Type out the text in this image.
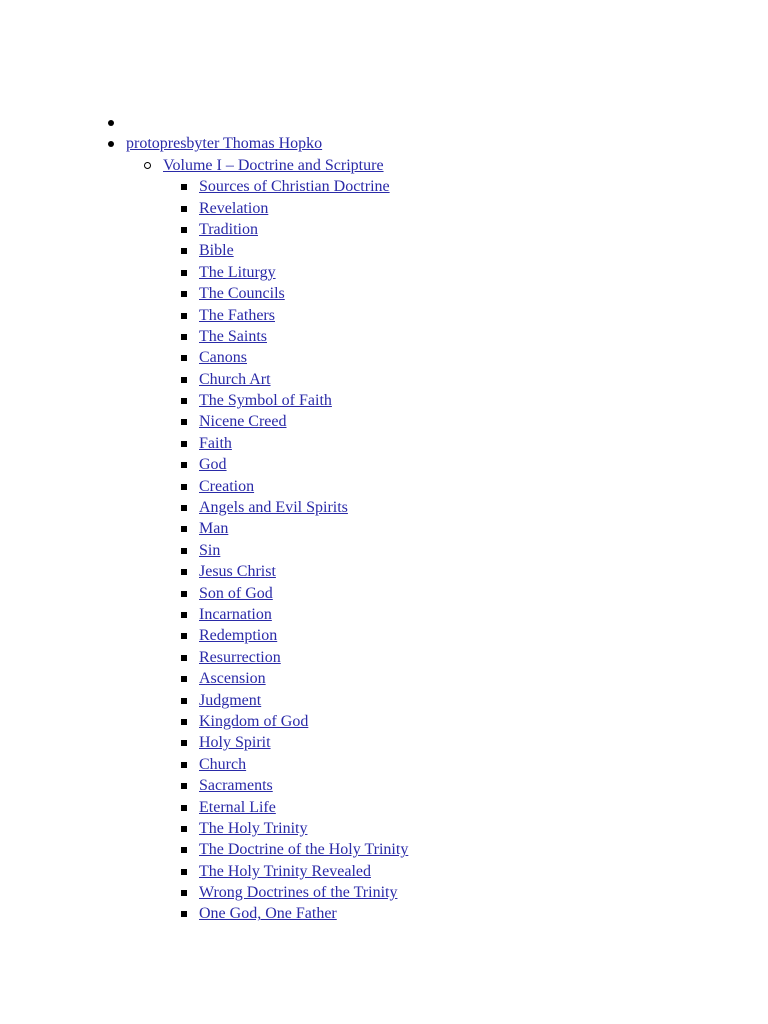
protopresbyter Thomas Hopko
Volume I – Doctrine and Scripture
Sources of Christian Doctrine
Revelation
Tradition
Bible
The Liturgy
The Councils
The Fathers
The Saints
Canons
Church Art
The Symbol of Faith
Nicene Creed
Faith
God
Creation
Angels and Evil Spirits
Man
Sin
Jesus Christ
Son of God
Incarnation
Redemption
Resurrection
Ascension
Judgment
Kingdom of God
Holy Spirit
Church
Sacraments
Eternal Life
The Holy Trinity
The Doctrine of the Holy Trinity
The Holy Trinity Revealed
Wrong Doctrines of the Trinity
One God, One Father
